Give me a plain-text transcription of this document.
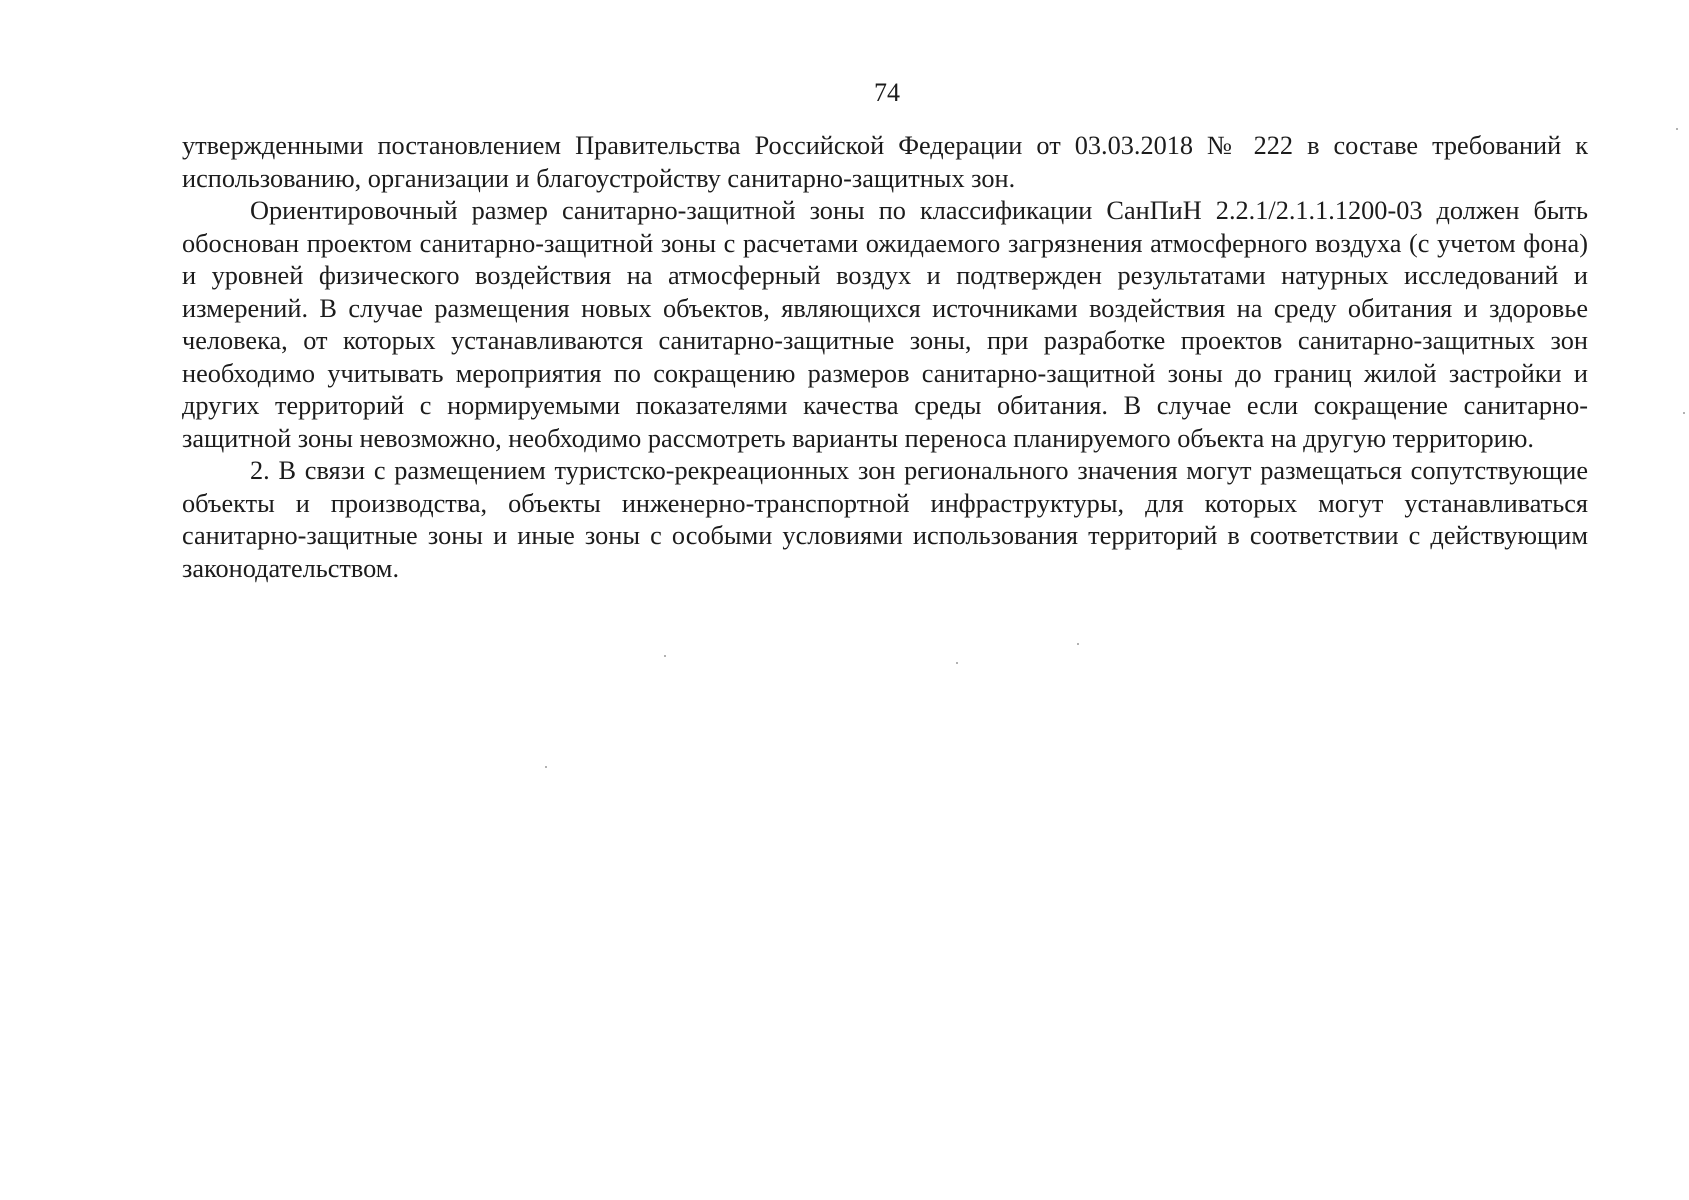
74

утвержденными постановлением Правительства Российской Федерации от 03.03.2018 № 222 в составе требований к использованию, организации и благоустройству санитарно-защитных зон.

Ориентировочный размер санитарно-защитной зоны по классификации СанПиН 2.2.1/2.1.1.1200-03 должен быть обоснован проектом санитарно-защитной зоны с расчетами ожидаемого загрязнения атмосферного воздуха (с учетом фона) и уровней физического воздействия на атмосферный воздух и подтвержден результатами натурных исследований и измерений. В случае размещения новых объектов, являющихся источниками воздействия на среду обитания и здоровье человека, от которых устанавливаются санитарно-защитные зоны, при разработке проектов санитарно-защитных зон необходимо учитывать мероприятия по сокращению размеров санитарно-защитной зоны до границ жилой застройки и других территорий с нормируемыми показателями качества среды обитания. В случае если сокращение санитарно-защитной зоны невозможно, необходимо рассмотреть варианты переноса планируемого объекта на другую территорию.

2. В связи с размещением туристско-рекреационных зон регионального значения могут размещаться сопутствующие объекты и производства, объекты инженерно-транспортной инфраструктуры, для которых могут устанавливаться санитарно-защитные зоны и иные зоны с особыми условиями использования территорий в соответствии с действующим законодательством.
